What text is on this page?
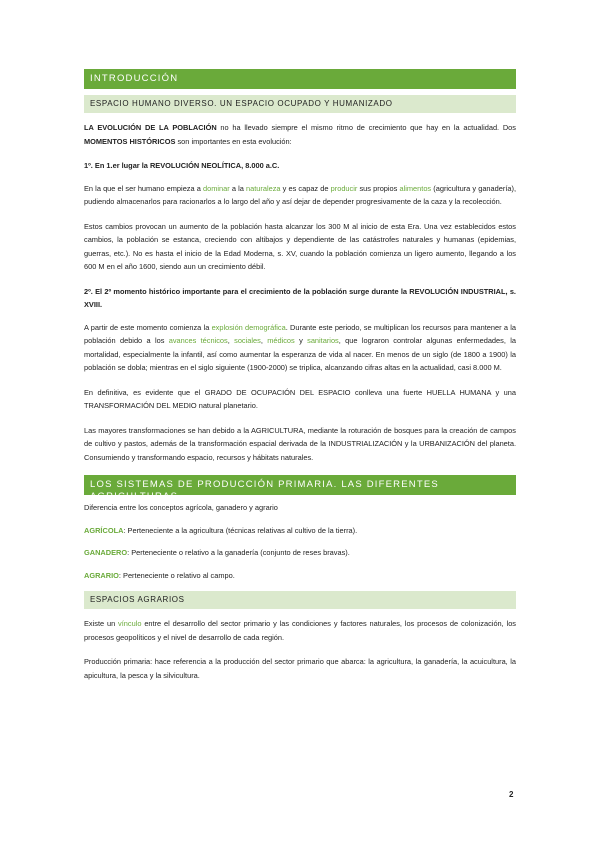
INTRODUCCIÓN
ESPACIO HUMANO DIVERSO. UN ESPACIO OCUPADO Y HUMANIZADO

LA EVOLUCIÓN DE LA POBLACIÓN no ha llevado siempre el mismo ritmo de crecimiento que hay en la actualidad. Dos MOMENTOS HISTÓRICOS son importantes en esta evolución:

1º. En 1.er lugar la REVOLUCIÓN NEOLÍTICA, 8.000 a.C.

En la que el ser humano empieza a dominar a la naturaleza y es capaz de producir sus propios alimentos (agricultura y ganadería), pudiendo almacenarlos para racionarlos a lo largo del año y así dejar de depender progresivamente de la caza y la recolección.

Estos cambios provocan un aumento de la población hasta alcanzar los 300 M al inicio de esta Era. Una vez establecidos estos cambios, la población se estanca, creciendo con altibajos y dependiente de las catástrofes naturales y humanas (epidemias, guerras, etc.). No es hasta el inicio de la Edad Moderna, s. XV, cuando la población comienza un ligero aumento, llegando a los 600 M en el año 1600, siendo aun un crecimiento débil.

2º. El 2º momento histórico importante para el crecimiento de la población surge durante la REVOLUCIÓN INDUSTRIAL, s. XVIII.

A partir de este momento comienza la explosión demográfica. Durante este periodo, se multiplican los recursos para mantener a la población debido a los avances técnicos, sociales, médicos y sanitarios, que lograron controlar algunas enfermedades, la mortalidad, especialmente la infantil, así como aumentar la esperanza de vida al nacer. En menos de un siglo (de 1800 a 1900) la población se dobla; mientras en el siglo siguiente (1900-2000) se triplica, alcanzando cifras altas en la actualidad, casi 8.000 M.

En definitiva, es evidente que el GRADO DE OCUPACIÓN DEL ESPACIO conlleva una fuerte HUELLA HUMANA y una TRANSFORMACIÓN DEL MEDIO natural planetario.

Las mayores transformaciones se han debido a la AGRICULTURA, mediante la roturación de bosques para la creación de campos de cultivo y pastos, además de la transformación espacial derivada de la INDUSTRIALIZACIÓN y la URBANIZACIÓN del planeta. Consumiendo y transformando espacio, recursos y hábitats naturales.

LOS SISTEMAS DE PRODUCCIÓN PRIMARIA. LAS DIFERENTES AGRICULTURAS

Diferencia entre los conceptos agrícola, ganadero y agrario

AGRÍCOLA: Perteneciente a la agricultura (técnicas relativas al cultivo de la tierra).

GANADERO: Perteneciente o relativo a la ganadería (conjunto de reses bravas).

AGRARIO: Perteneciente o relativo al campo.

ESPACIOS AGRARIOS

Existe un vínculo entre el desarrollo del sector primario y las condiciones y factores naturales, los procesos de colonización, los procesos geopolíticos y el nivel de desarrollo de cada región.

Producción primaria: hace referencia a la producción del sector primario que abarca: la agricultura, la ganadería, la acuicultura, la apicultura, la pesca y la silvicultura.

2
